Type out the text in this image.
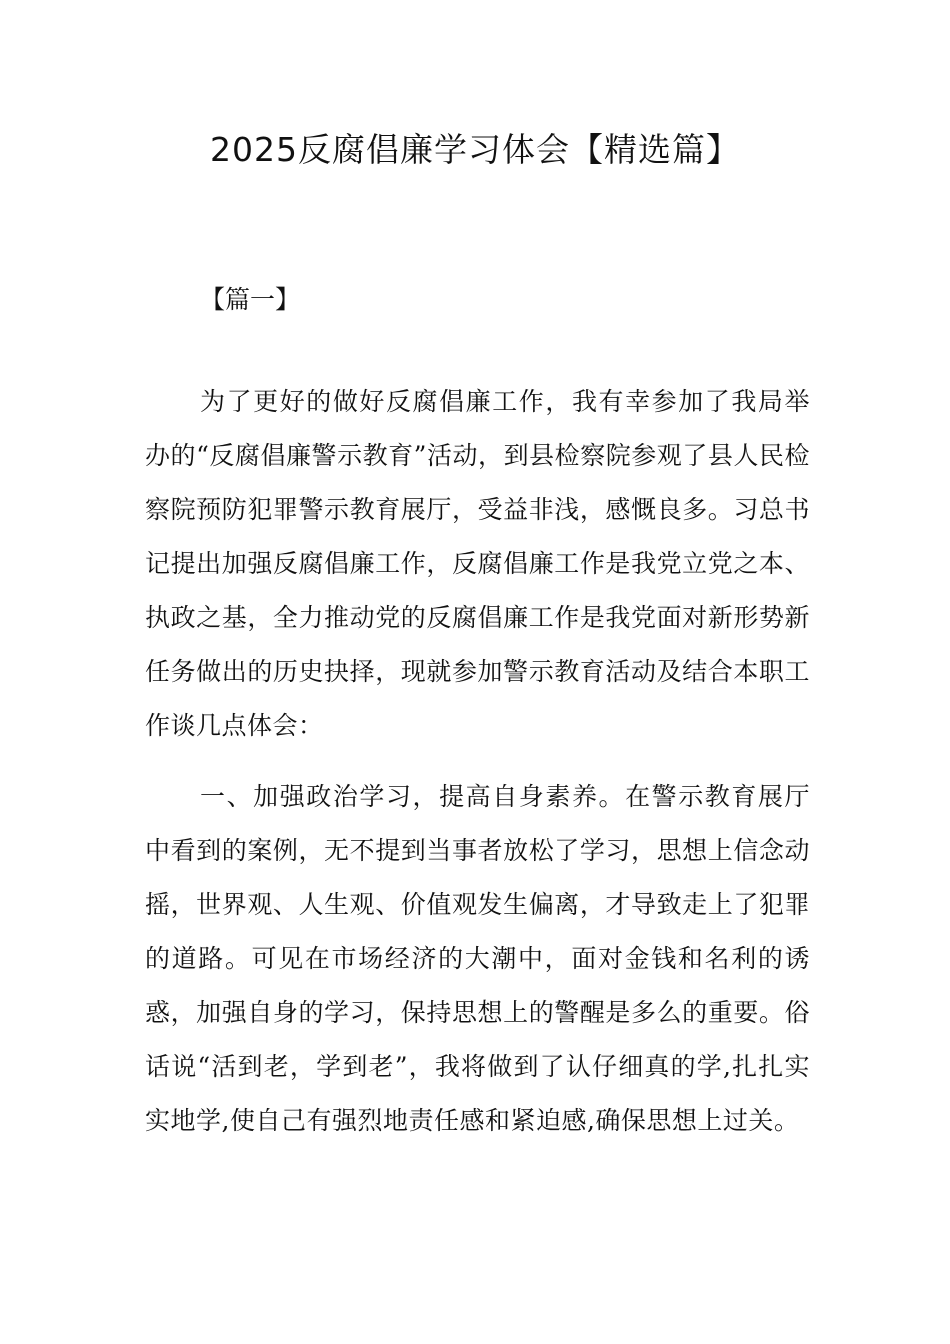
2025反腐倡廉学习体会【精选篇】
【篇一】

为了更好的做好反腐倡廉工作，我有幸参加了我局举办的“反腐倡廉警示教育”活动，到县检察院参观了县人民检察院预防犯罪警示教育展厅，受益非浅，感慨良多。习总书记提出加强反腐倡廉工作，反腐倡廉工作是我党立党之本、执政之基，全力推动党的反腐倡廉工作是我党面对新形势新任务做出的历史抉择，现就参加警示教育活动及结合本职工作谈几点体会：

一、加强政治学习，提高自身素养。在警示教育展厅中看到的案例，无不提到当事者放松了学习，思想上信念动摇，世界观、人生观、价值观发生偏离，才导致走上了犯罪的道路。可见在市场经济的大潮中，面对金钱和名利的诱惑，加强自身的学习，保持思想上的警醒是多么的重要。俗话说“活到老，学到老”，我将做到了认仔细真的学,扎扎实实地学,使自己有强烈地责任感和紧迫感,确保思想上过关。
